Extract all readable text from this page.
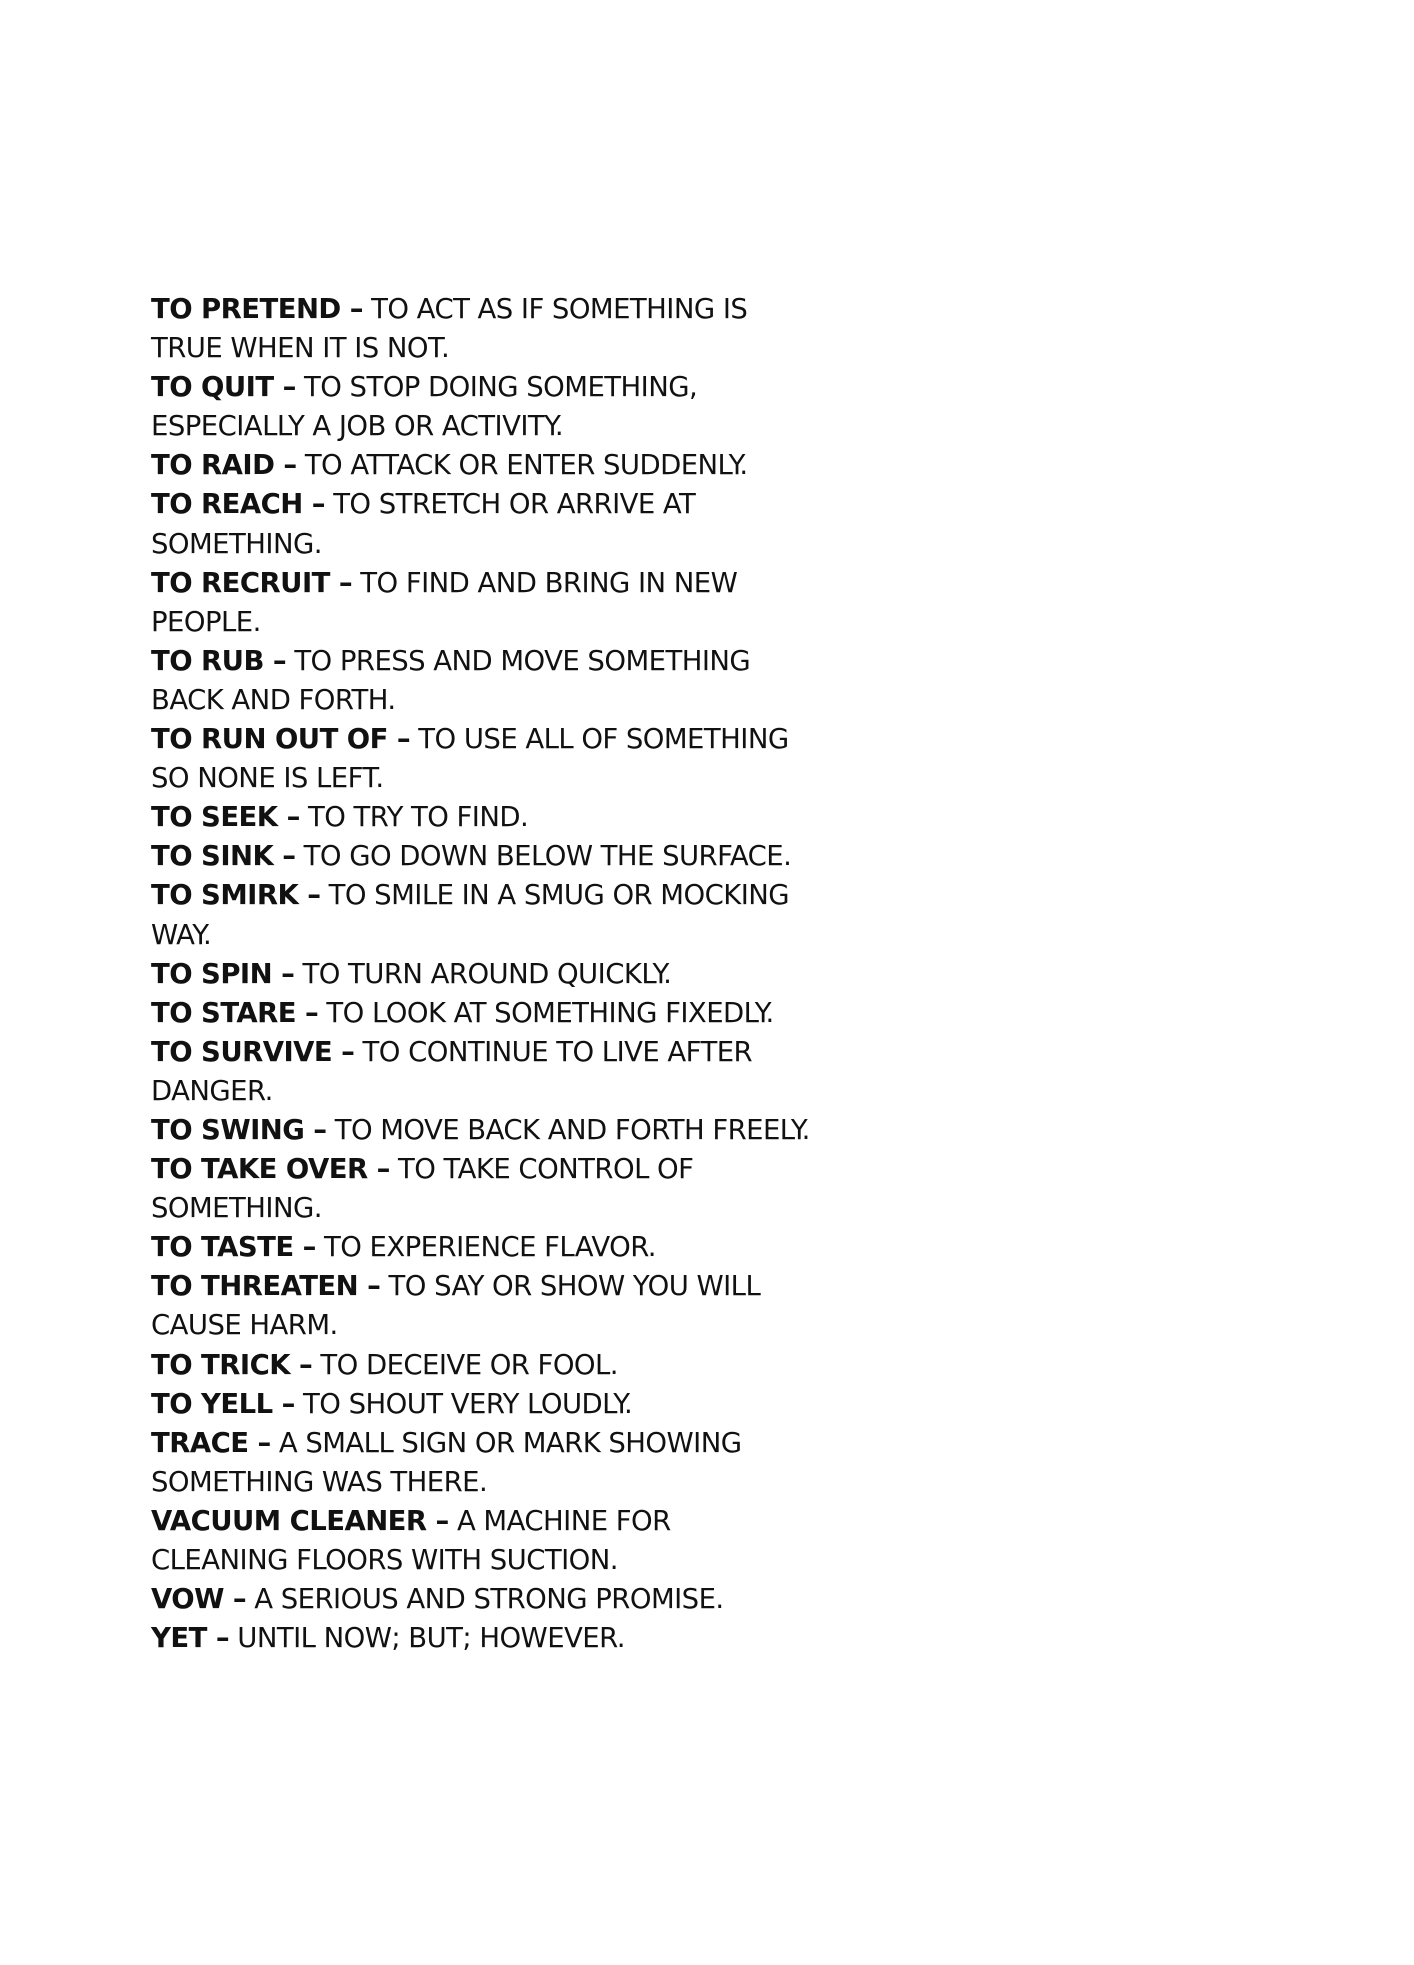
TO PRETEND – TO ACT AS IF SOMETHING IS TRUE WHEN IT IS NOT.
TO QUIT – TO STOP DOING SOMETHING, ESPECIALLY A JOB OR ACTIVITY.
TO RAID – TO ATTACK OR ENTER SUDDENLY.
TO REACH – TO STRETCH OR ARRIVE AT SOMETHING.
TO RECRUIT – TO FIND AND BRING IN NEW PEOPLE.
TO RUB – TO PRESS AND MOVE SOMETHING BACK AND FORTH.
TO RUN OUT OF – TO USE ALL OF SOMETHING SO NONE IS LEFT.
TO SEEK – TO TRY TO FIND.
TO SINK – TO GO DOWN BELOW THE SURFACE.
TO SMIRK – TO SMILE IN A SMUG OR MOCKING WAY.
TO SPIN – TO TURN AROUND QUICKLY.
TO STARE – TO LOOK AT SOMETHING FIXEDLY.
TO SURVIVE – TO CONTINUE TO LIVE AFTER DANGER.
TO SWING – TO MOVE BACK AND FORTH FREELY.
TO TAKE OVER – TO TAKE CONTROL OF SOMETHING.
TO TASTE – TO EXPERIENCE FLAVOR.
TO THREATEN – TO SAY OR SHOW YOU WILL CAUSE HARM.
TO TRICK – TO DECEIVE OR FOOL.
TO YELL – TO SHOUT VERY LOUDLY.
TRACE – A SMALL SIGN OR MARK SHOWING SOMETHING WAS THERE.
VACUUM CLEANER – A MACHINE FOR CLEANING FLOORS WITH SUCTION.
VOW – A SERIOUS AND STRONG PROMISE.
YET – UNTIL NOW; BUT; HOWEVER.
